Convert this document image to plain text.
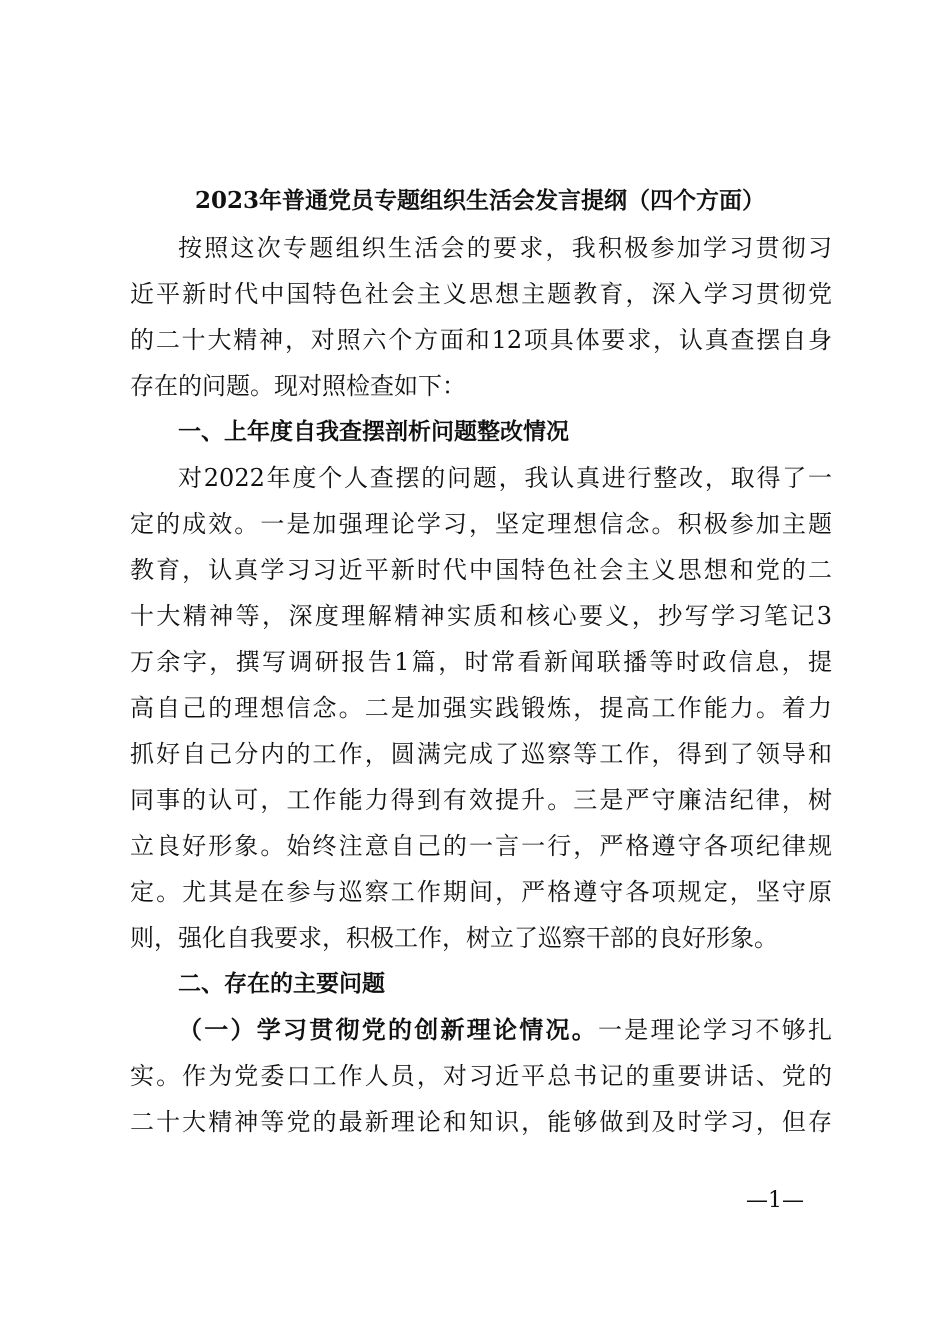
2023年普通党员专题组织生活会发言提纲（四个方面）
按照这次专题组织生活会的要求，我积极参加学习贯彻习
近平新时代中国特色社会主义思想主题教育，深入学习贯彻党
的二十大精神，对照六个方面和12项具体要求，认真查摆自身
存在的问题。现对照检查如下：
一、上年度自我查摆剖析问题整改情况
对2022年度个人查摆的问题，我认真进行整改，取得了一
定的成效。一是加强理论学习，坚定理想信念。积极参加主题
教育，认真学习习近平新时代中国特色社会主义思想和党的二
十大精神等，深度理解精神实质和核心要义，抄写学习笔记3
万余字，撰写调研报告1篇，时常看新闻联播等时政信息，提
高自己的理想信念。二是加强实践锻炼，提高工作能力。着力
抓好自己分内的工作，圆满完成了巡察等工作，得到了领导和
同事的认可，工作能力得到有效提升。三是严守廉洁纪律，树
立良好形象。始终注意自己的一言一行，严格遵守各项纪律规
定。尤其是在参与巡察工作期间，严格遵守各项规定，坚守原
则，强化自我要求，积极工作，树立了巡察干部的良好形象。
二、存在的主要问题
（一）学习贯彻党的创新理论情况。一是理论学习不够扎
实。作为党委口工作人员，对习近平总书记的重要讲话、党的
二十大精神等党的最新理论和知识，能够做到及时学习，但存
—1—
